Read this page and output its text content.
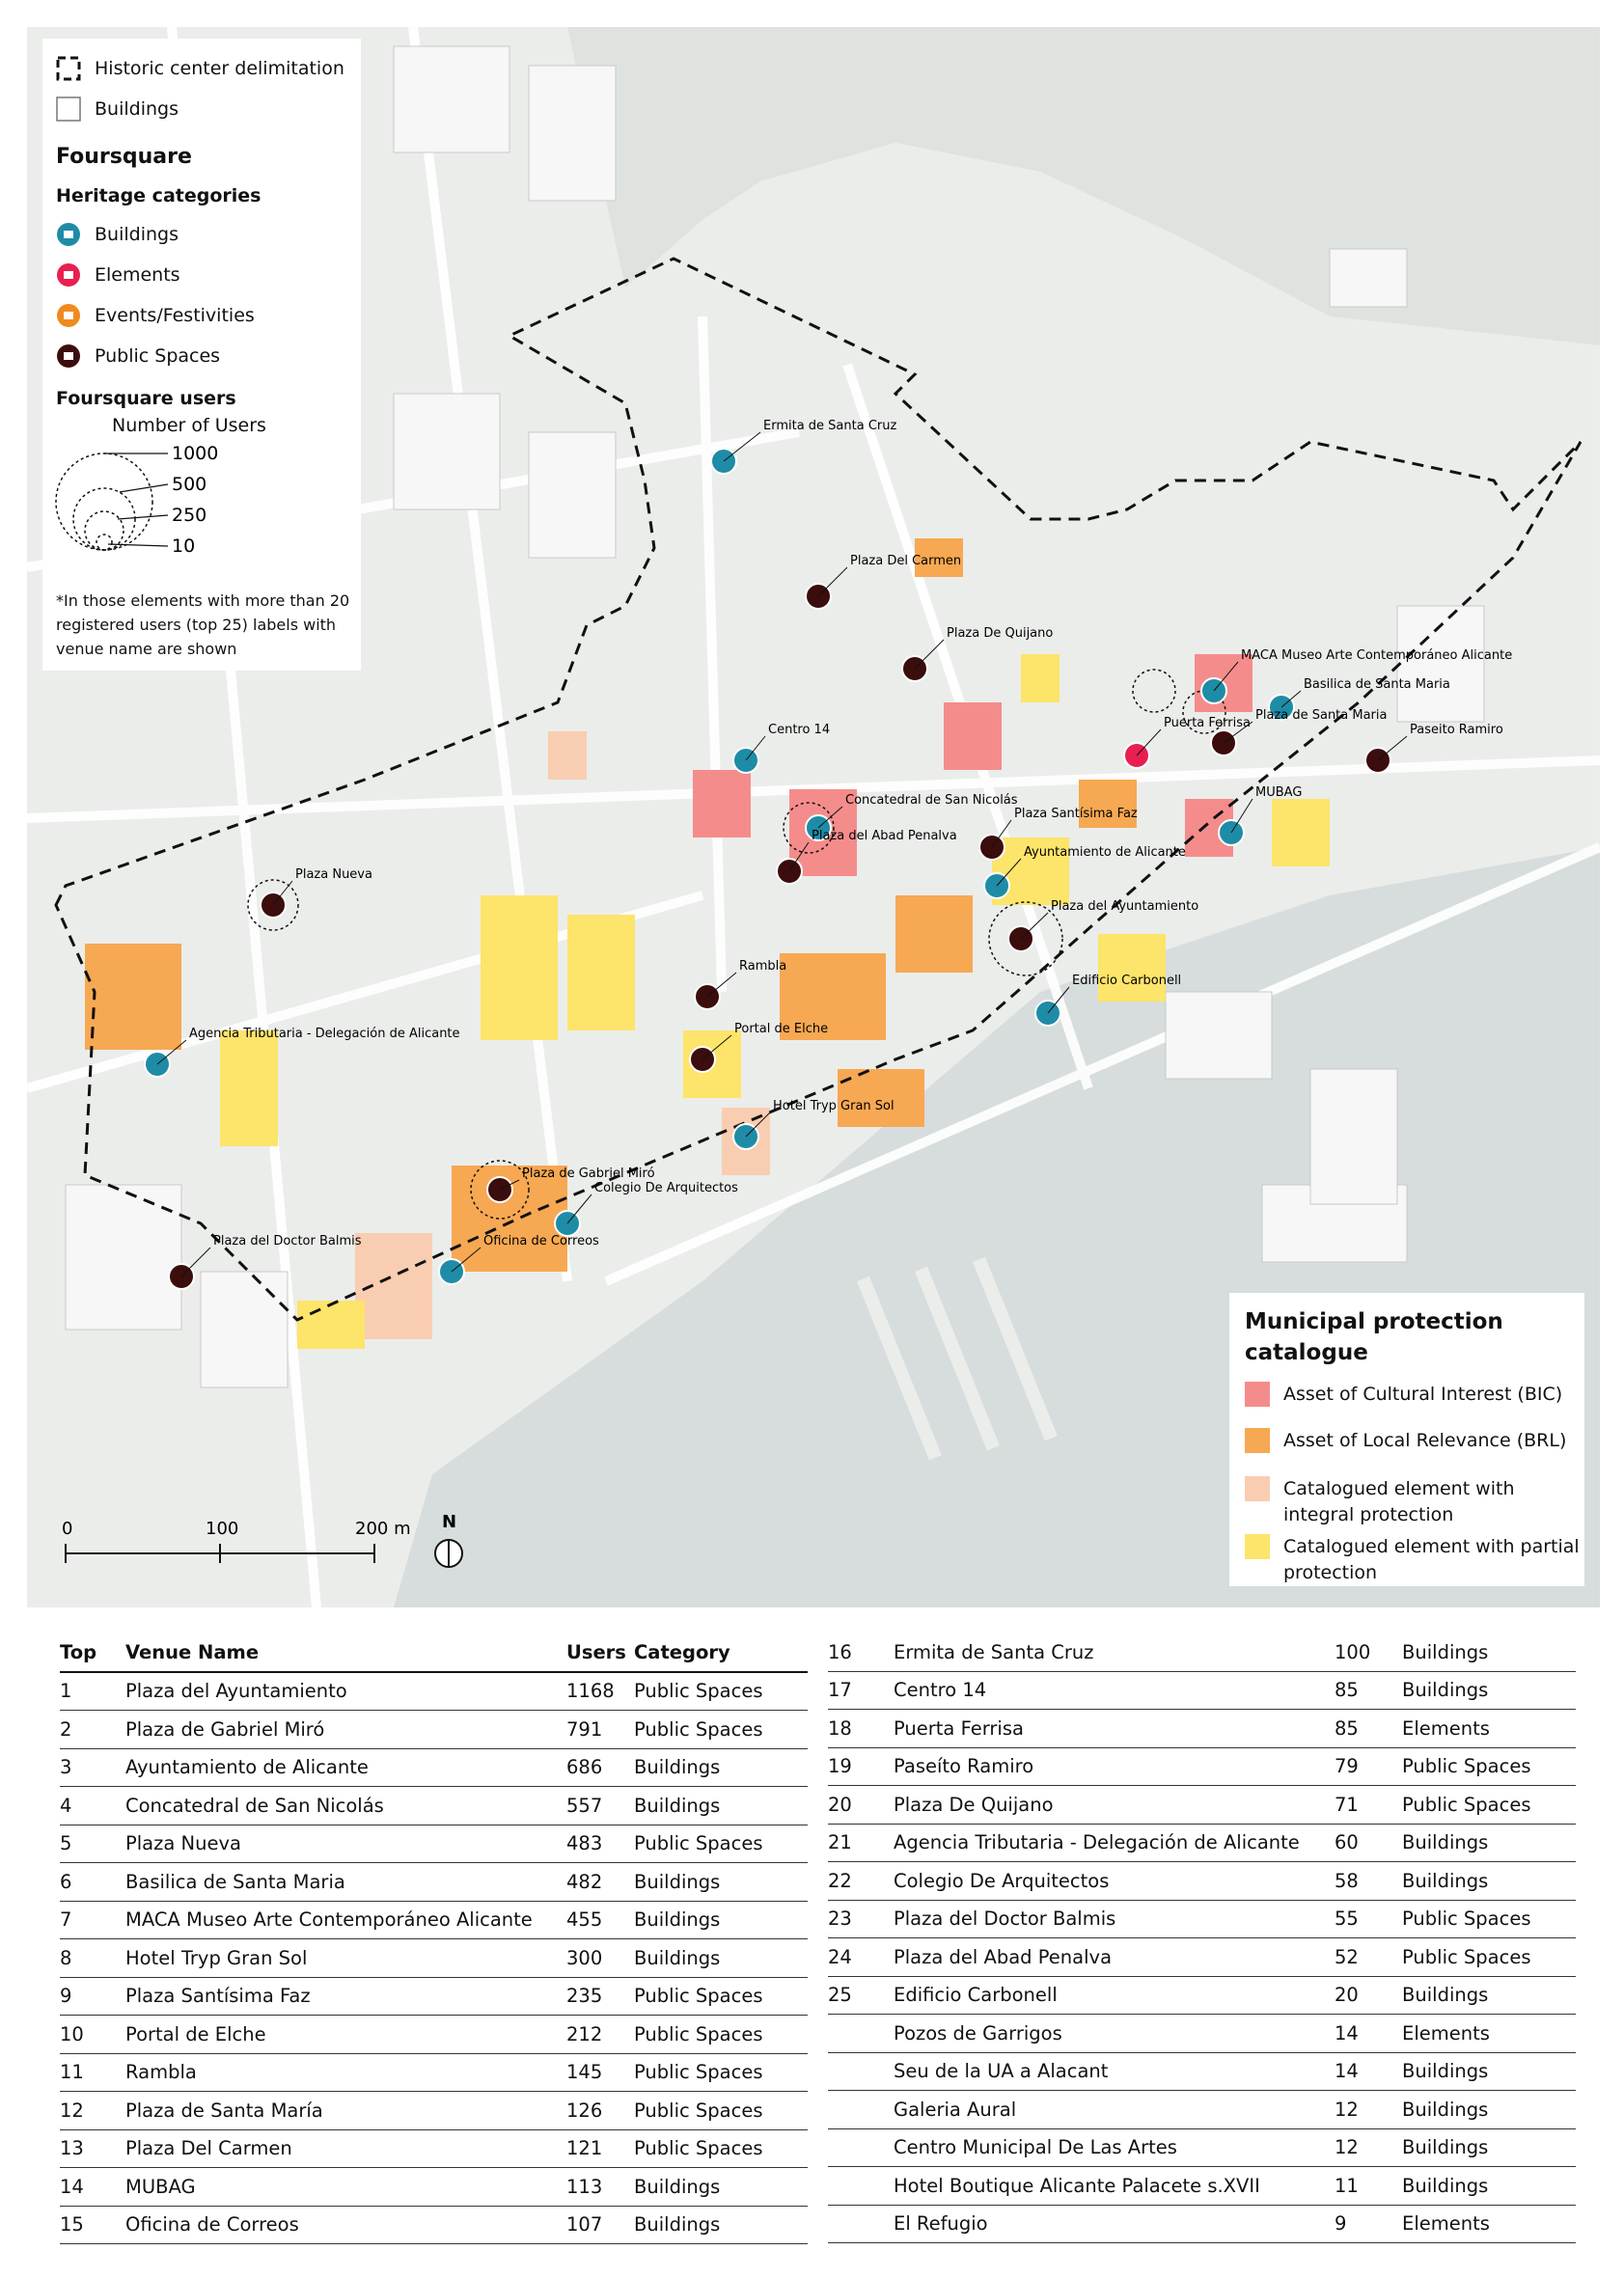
Ermita de Santa Cruz
Plaza Del Carmen
Plaza De Quijano
MACA Museo Arte Contemporáneo Alicante
Basilica de Santa Maria
Plaza de Santa Maria
Puerta Ferrisa	Paseito Ramiro
Centro 14
Concatedral de San Nicolás
Plaza Santísima Faz
Plaza del Abad Penalva
Ayuntamiento de Alicante
MUBAG
Plaza del Ayuntamiento
Plaza Nueva
Rambla
Edificio Carbonell
Agencia Tributaria - Delegación de Alicante	Portal de Elche
Hotel Tryp Gran Sol
Plaza de Gabriel Miró
Colegio De Arquitectos
Oficina de Correos
Plaza del Doctor Balmis
0	100	200 m N
Historic center delimitation
Buildings
Foursquare
Heritage categories
Buildings
Elements
Events/Festivities
Public Spaces
Foursquare users
Number of Users
1000
500
250
10
*In those elements with more than 20 registered users (top 25) labels with venue name are shown
Municipal protection catalogue
Asset of Cultural Interest (BIC)
Asset of Local Relevance (BRL)
Catalogued element with integral protection
Catalogued element with partial protection
Top	Venue Name	Users	Category
1	Plaza del Ayuntamiento	1168	Public Spaces
2	Plaza de Gabriel Miró	791	Public Spaces
3	Ayuntamiento de Alicante	686	Buildings
4	Concatedral de San Nicolás	557	Buildings
5	Plaza Nueva	483	Public Spaces
6	Basilica de Santa Maria	482	Buildings
7	MACA Museo Arte Contemporáneo Alicante	455	Buildings
8	Hotel Tryp Gran Sol	300	Buildings
9	Plaza Santísima Faz	235	Public Spaces
10	Portal de Elche	212	Public Spaces
11	Rambla	145	Public Spaces
12	Plaza de Santa María	126	Public Spaces
13	Plaza Del Carmen	121	Public Spaces
14	MUBAG	113	Buildings
15	Oficina de Correos	107	Buildings

16	Ermita de Santa Cruz	100	Buildings
17	Centro 14	85	Buildings
18	Puerta Ferrisa	85	Elements
19	Paseíto Ramiro	79	Public Spaces
20	Plaza De Quijano	71	Public Spaces
21	Agencia Tributaria - Delegación de Alicante	60	Buildings
22	Colegio De Arquitectos	58	Buildings
23	Plaza del Doctor Balmis	55	Public Spaces
24	Plaza del Abad Penalva	52	Public Spaces
25	Edificio Carbonell	20	Buildings
	Pozos de Garrigos	14	Elements
	Seu de la UA a Alacant	14	Buildings
	Galeria Aural	12	Buildings
	Centro Municipal De Las Artes	12	Buildings
	Hotel Boutique Alicante Palacete s.XVII	11	Buildings
	El Refugio	9	Elements
